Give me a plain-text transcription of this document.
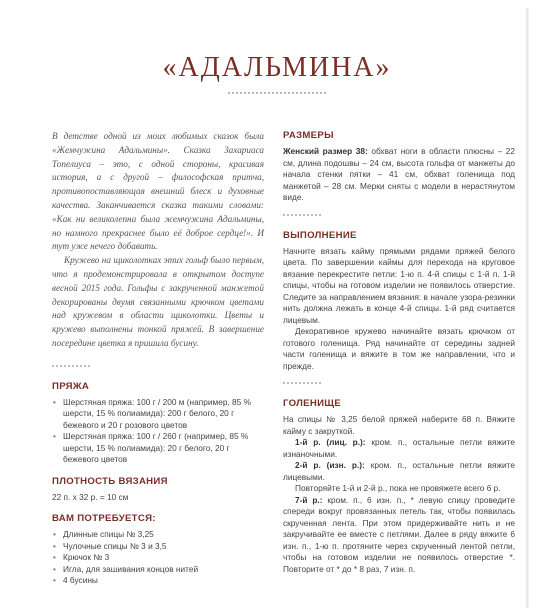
«АДАЛЬМИНА»

В детстве одной из моих любимых сказок была «Жемчужина Адальмины». Сказка Захариаса Топелиуса – это, с одной стороны, красивая история, а с другой – философская притча, противопоставляющая внешний блеск и духовные качества. Заканчивается сказка такими словами: «Как ни великолепна была жемчужина Адальмины, но намного прекраснее было её доброе сердце!». И тут уже нечего добавить.

Кружево на щиколотках этих гольф было первым, что я продемонстрировала в открытом доступе весной 2015 года. Гольфы с закрученной манжетой декорированы двумя связанными крючком цветами над кружевом в области щиколотки. Цветы и кружево выполнены тонкой пряжей. В завершение посередине цветка я пришила бусину.

ПРЯЖА
• Шерстяная пряжа: 100 г / 200 м (например, 85 % шерсти, 15 % полиамида): 200 г белого, 20 г бежевого и 20 г розового цветов
• Шерстяная пряжа: 100 г / 260 г (например, 85 % шерсти, 15 % полиамида): 20 г белого, 20 г бежевого цветов
ПЛОТНОСТЬ ВЯЗАНИЯ
22 п. х 32 р. = 10 см
ВАМ ПОТРЕБУЕТСЯ:
• Длинные спицы № 3,25
• Чулочные спицы № 3 и 3,5
• Крючок № 3
• Игла, для зашивания концов нитей
• 4 бусины
РАЗМЕРЫ

Женский размер 38: обхват ноги в области плюсны – 22 см, длина подошвы – 24 см, высота гольфа от манжеты до начала стенки пятки – 41 см, обхват голенища под манжетой – 28 см. Мерки сняты с модели в нерастянутом виде.

ВЫПОЛНЕНИЕ

Начните вязать кайму прямыми рядами пряжей белого цвета. По завершении каймы для перехода на круговое вязание перекрестите петли: 1-ю п. 4-й спицы с 1-й п. 1-й спицы, чтобы на готовом изделии не появилось отверстие. Следите за направлением вязания: в начале узора-резинки нить должна лежать в конце 4-й спицы. 1-й ряд считается лицевым.

Декоративное кружево начинайте вязать крючком от готового голенища. Ряд начинайте от середины задней части голенища и вяжите в том же направлении, что и прежде.

ГОЛЕНИЩЕ

На спицы № 3,25 белой пряжей наберите 68 п. Вяжите кайму с закруткой.

1-й р. (лиц. р.): кром. п., остальные петли вяжите изнаночными.

2-й р. (изн. р.): кром. п., остальные петли вяжите лицевыми.

Повторяйте 1-й и 2-й р., пока не провяжете всего 6 р.

7-й р.: кром. п., 6 изн. п., * левую спицу проведите спереди вокруг провязанных петель так, чтобы появилась скрученная лента. При этом придерживайте нить и не закручивайте ее вместе с петлями. Далее в ряду вяжите 6 изн. п., 1-ю п. протяните через скрученный лентой петли, чтобы на готовом изделии не появилось отверстие *. Повторите от * до * 8 раз, 7 изн. п.
